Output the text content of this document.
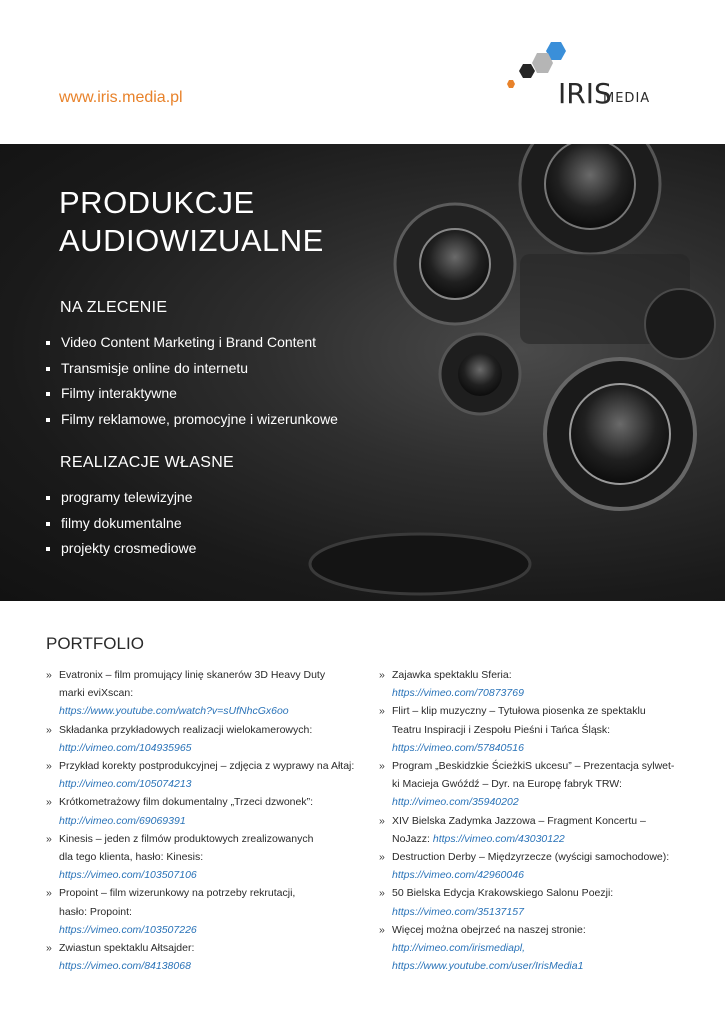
www.iris.media.pl	IRIS
MEDIA
PRODUKCJE
AUDIOWIZUALNE
NA ZLECENIE
Video Content Marketing i Brand Content
Transmisje online do internetu
Filmy interaktywne
Filmy reklamowe, promocyjne i wizerunkowe
REALIZACJE WŁASNE
programy telewizyjne
filmy dokumentalne
projekty crosmediowe
PORTFOLIO
» Evatronix – film promujący linię skanerów 3D Heavy Duty
marki eviXscan:
https://www.youtube.com/watch?v=sUfNhcGx6oo
» Składanka przykładowych realizacji wielokamerowych:
http://vimeo.com/104935965
» Przykład korekty postprodukcyjnej – zdjęcia z wyprawy na Ałtaj:
http://vimeo.com/105074213
» Krótkometrażowy film dokumentalny „Trzeci dzwonek”:
http://vimeo.com/69069391
» Kinesis – jeden z filmów produktowych zrealizowanych
dla tego klienta, hasło: Kinesis:
https://vimeo.com/103507106
» Propoint – film wizerunkowy na potrzeby rekrutacji,
hasło: Propoint:
https://vimeo.com/103507226
» Zwiastun spektaklu Ałtsajder:
https://vimeo.com/84138068
» Zajawka spektaklu Sferia:
https://vimeo.com/70873769
» Flirt – klip muzyczny – Tytułowa piosenka ze spektaklu
Teatru Inspiracji i Zespołu Pieśni i Tańca Śląsk:
https://vimeo.com/57840516
» Program „Beskidzkie ŚcieżkiS ukcesu” – Prezentacja sylwet-
ki Macieja Gwóźdź – Dyr. na Europę fabryk TRW:
http://vimeo.com/35940202
» XIV Bielska Zadymka Jazzowa – Fragment Koncertu –
NoJazz: https://vimeo.com/43030122
» Destruction Derby – Międzyrzecze (wyścigi samochodowe):
https://vimeo.com/42960046
» 50 Bielska Edycja Krakowskiego Salonu Poezji:
https://vimeo.com/35137157
» Więcej można obejrzeć na naszej stronie:
http://vimeo.com/irismediapl,
https://www.youtube.com/user/IrisMedia1
